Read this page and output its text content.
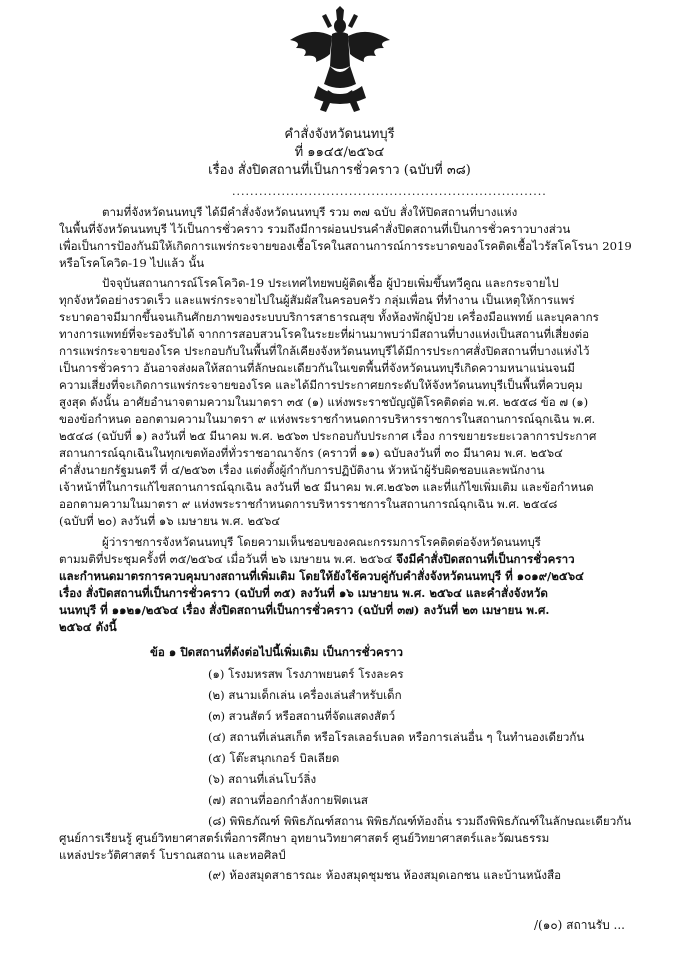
คำสั่งจังหวัดนนทบุรี
ที่ ๑๑๔๕/๒๕๖๔
เรื่อง สั่งปิดสถานที่เป็นการชั่วคราว (ฉบับที่ ๓๘)
......................................................................
ตามที่จังหวัดนนทบุรี ได้มีคำสั่งจังหวัดนนทบุรี รวม ๓๗ ฉบับ สั่งให้ปิดสถานที่บางแห่ง
ในพื้นที่จังหวัดนนทบุรี ไว้เป็นการชั่วคราว รวมถึงมีการผ่อนปรนคำสั่งปิดสถานที่เป็นการชั่วคราวบางส่วน
เพื่อเป็นการป้องกันมิให้เกิดการแพร่กระจายของเชื้อโรคในสถานการณ์การระบาดของโรคติดเชื้อไวรัสโคโรนา 2019
หรือโรคโควิด-19 ไปแล้ว นั้น
ปัจจุบันสถานการณ์โรคโควิด-19 ประเทศไทยพบผู้ติดเชื้อ ผู้ป่วยเพิ่มขึ้นทวีคูณ และกระจายไป
ทุกจังหวัดอย่างรวดเร็ว และแพร่กระจายไปในผู้สัมผัสในครอบครัว กลุ่มเพื่อน ที่ทำงาน เป็นเหตุให้การแพร่
ระบาดอาจมีมากขึ้นจนเกินศักยภาพของระบบบริการสาธารณสุข ทั้งห้องพักผู้ป่วย เครื่องมือแพทย์ และบุคลากร
ทางการแพทย์ที่จะรองรับได้ จากการสอบสวนโรคในระยะที่ผ่านมาพบว่ามีสถานที่บางแห่งเป็นสถานที่เสี่ยงต่อ
การแพร่กระจายของโรค ประกอบกับในพื้นที่ใกล้เคียงจังหวัดนนทบุรีได้มีการประกาศสั่งปิดสถานที่บางแห่งไว้
เป็นการชั่วคราว อันอาจส่งผลให้สถานที่ลักษณะเดียวกันในเขตพื้นที่จังหวัดนนทบุรีเกิดความหนาแน่นจนมี
ความเสี่ยงที่จะเกิดการแพร่กระจายของโรค และได้มีการประกาศยกระดับให้จังหวัดนนทบุรีเป็นพื้นที่ควบคุม
สูงสุด ดังนั้น อาศัยอำนาจตามความในมาตรา ๓๕ (๑) แห่งพระราชบัญญัติโรคติดต่อ พ.ศ. ๒๕๕๘ ข้อ ๗ (๑)
ของข้อกำหนด ออกตามความในมาตรา ๙ แห่งพระราชกำหนดการบริหารราชการในสถานการณ์ฉุกเฉิน พ.ศ.
๒๕๔๘ (ฉบับที่ ๑) ลงวันที่ ๒๕ มีนาคม พ.ศ. ๒๕๖๓ ประกอบกับประกาศ เรื่อง การขยายระยะเวลาการประกาศ
สถานการณ์ฉุกเฉินในทุกเขตท้องที่ทั่วราชอาณาจักร (คราวที่ ๑๑) ฉบับลงวันที่ ๓๐ มีนาคม พ.ศ. ๒๕๖๔
คำสั่งนายกรัฐมนตรี ที่ ๔/๒๕๖๓ เรื่อง แต่งตั้งผู้กำกับการปฏิบัติงาน หัวหน้าผู้รับผิดชอบและพนักงาน
เจ้าหน้าที่ในการแก้ไขสถานการณ์ฉุกเฉิน ลงวันที่ ๒๕ มีนาคม พ.ศ.๒๕๖๓ และที่แก้ไขเพิ่มเติม และข้อกำหนด
ออกตามความในมาตรา ๙ แห่งพระราชกำหนดการบริหารราชการในสถานการณ์ฉุกเฉิน พ.ศ. ๒๕๔๘
(ฉบับที่ ๒๐) ลงวันที่ ๑๖ เมษายน พ.ศ. ๒๕๖๔
ผู้ว่าราชการจังหวัดนนทบุรี โดยความเห็นชอบของคณะกรรมการโรคติดต่อจังหวัดนนทบุรี
ตามมติที่ประชุมครั้งที่ ๓๕/๒๕๖๔ เมื่อวันที่ ๒๖ เมษายน พ.ศ. ๒๕๖๔ จึงมีคำสั่งปิดสถานที่เป็นการชั่วคราว
และกำหนดมาตรการควบคุมบางสถานที่เพิ่มเติม โดยให้ยังใช้ควบคู่กับคำสั่งจังหวัดนนทบุรี ที่ ๑๐๑๙/๒๕๖๔
เรื่อง สั่งปิดสถานที่เป็นการชั่วคราว (ฉบับที่ ๓๕) ลงวันที่ ๑๖ เมษายน พ.ศ. ๒๕๖๔ และคำสั่งจังหวัด
นนทบุรี ที่ ๑๑๒๑/๒๕๖๔ เรื่อง สั่งปิดสถานที่เป็นการชั่วคราว (ฉบับที่ ๓๗) ลงวันที่ ๒๓ เมษายน พ.ศ.
๒๕๖๔ ดังนี้
ข้อ ๑ ปิดสถานที่ดังต่อไปนี้เพิ่มเติม เป็นการชั่วคราว
(๑) โรงมหรสพ โรงภาพยนตร์ โรงละคร
(๒) สนามเด็กเล่น เครื่องเล่นสำหรับเด็ก
(๓) สวนสัตว์ หรือสถานที่จัดแสดงสัตว์
(๔) สถานที่เล่นสเก็ต หรือโรลเลอร์เบลด หรือการเล่นอื่น ๆ ในทำนองเดียวกัน
(๕) โต๊ะสนุกเกอร์ บิลเลียด
(๖) สถานที่เล่นโบว์ลิ่ง
(๗) สถานที่ออกกำลังกายฟิตเนส
(๘) พิพิธภัณฑ์ พิพิธภัณฑ์สถาน พิพิธภัณฑ์ท้องถิ่น รวมถึงพิพิธภัณฑ์ในลักษณะเดียวกัน
ศูนย์การเรียนรู้ ศูนย์วิทยาศาสตร์เพื่อการศึกษา อุทยานวิทยาศาสตร์ ศูนย์วิทยาศาสตร์และวัฒนธรรม
แหล่งประวัติศาสตร์ โบราณสถาน และหอศิลป์
(๙) ห้องสมุดสาธารณะ ห้องสมุดชุมชน ห้องสมุดเอกชน และบ้านหนังสือ
/(๑๐) สถานรับ ...
